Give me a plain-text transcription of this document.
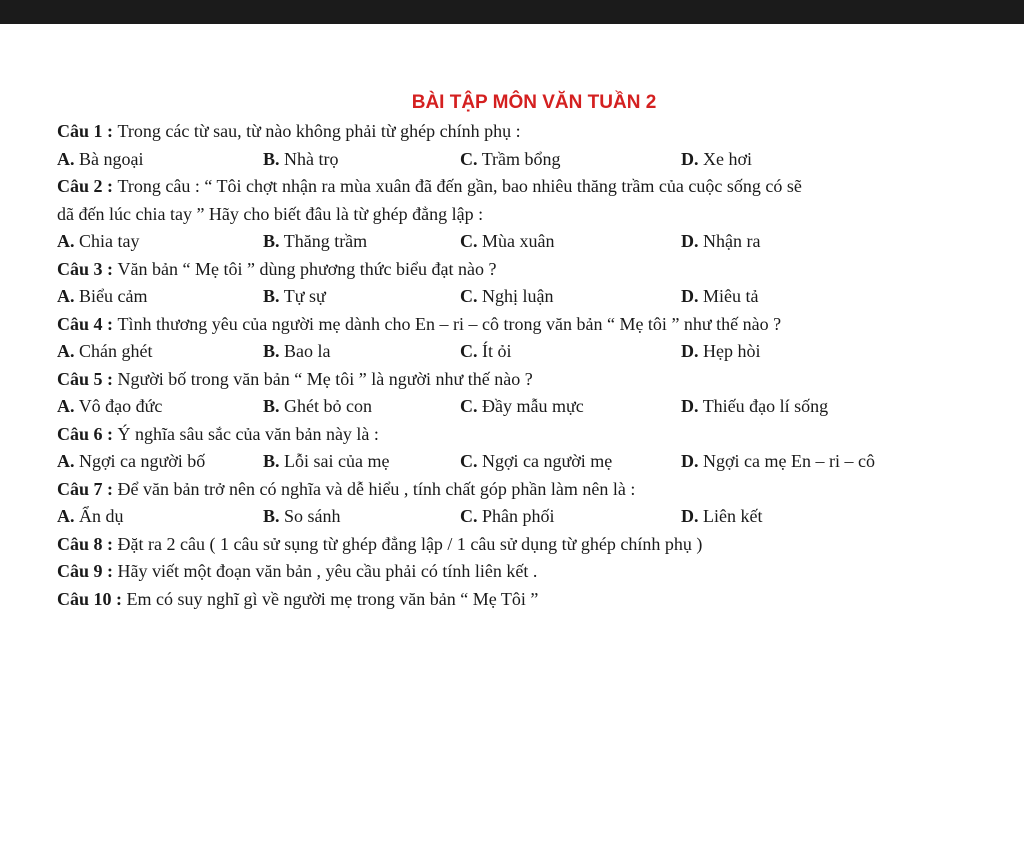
BÀI TẬP MÔN VĂN TUẦN 2
Câu 1 : Trong các từ sau, từ nào không phải từ ghép chính phụ :
A. Bà ngoại	B. Nhà trọ	C. Trầm bổng	D. Xe hơi
Câu 2 : Trong câu : “ Tôi chợt nhận ra mùa xuân đã đến gần, bao nhiêu thăng trầm của cuộc sống có sẽ
dã đến lúc chia tay ” Hãy cho biết đâu là từ ghép đẳng lập :
A. Chia tay	B. Thăng trầm	C. Mùa xuân	D. Nhận ra
Câu 3 : Văn bản “ Mẹ tôi ” dùng phương thức biểu đạt nào ?
A. Biểu cảm	B. Tự sự	C. Nghị luận	D. Miêu tả
Câu 4 : Tình thương yêu của người mẹ dành cho En – ri – cô trong văn bản “ Mẹ tôi ” như thế nào ?
A. Chán ghét	B. Bao la	C. Ít ỏi	D. Hẹp hòi
Câu 5 : Người bố trong văn bản “ Mẹ tôi ” là người như thế nào ?
A. Vô đạo đức	B. Ghét bỏ con	C. Đầy mẫu mực	D. Thiếu đạo lí sống
Câu 6 : Ý nghĩa sâu sắc của văn bản này là :
A. Ngợi ca người bố	B. Lỗi sai của mẹ	C. Ngợi ca người mẹ	D. Ngợi ca mẹ En – ri – cô
Câu 7 : Để văn bản trở nên có nghĩa và dễ hiểu , tính chất góp phần làm nên là :
A. Ẩn dụ	B. So sánh	C. Phân phối	D. Liên kết
Câu 8 : Đặt ra 2 câu ( 1 câu sử sụng từ ghép đẳng lập / 1 câu sử dụng từ ghép chính phụ )
Câu 9 : Hãy viết một đoạn văn bản , yêu cầu phải có tính liên kết .
Câu 10 : Em có suy nghĩ gì về người mẹ trong văn bản “ Mẹ Tôi ”
